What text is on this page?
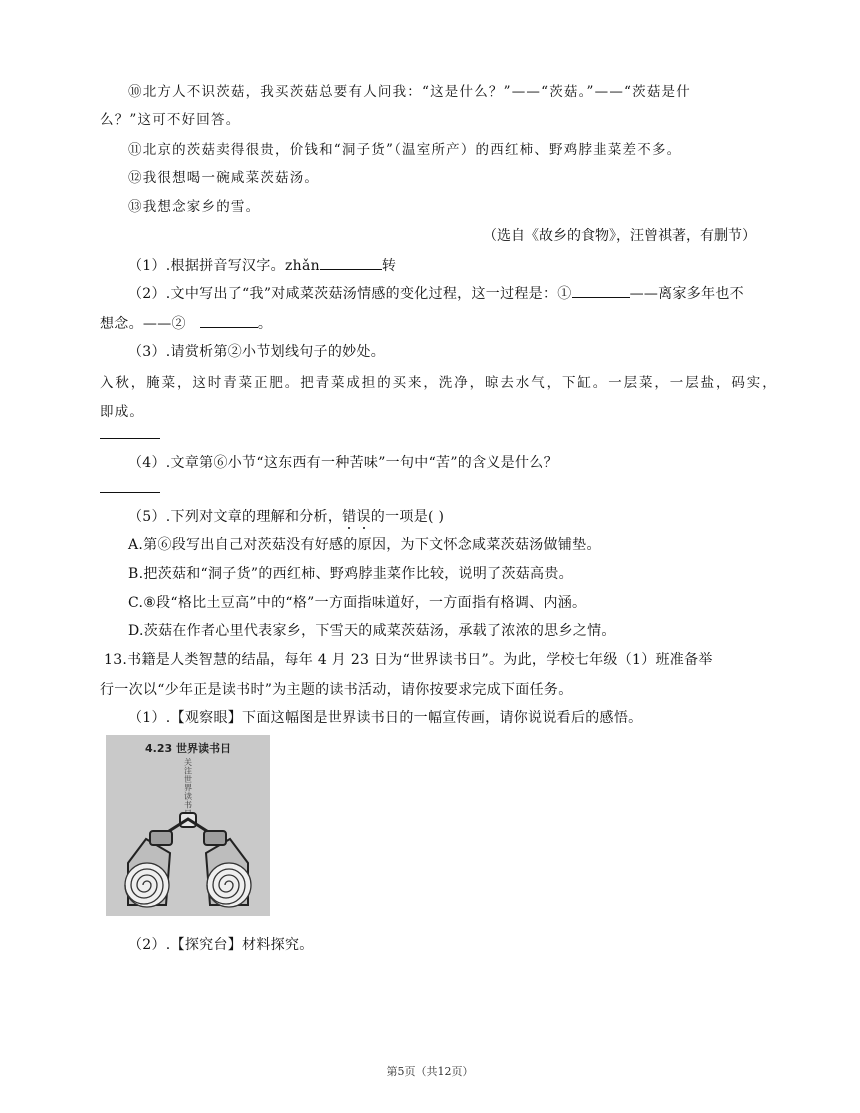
⑩北方人不识茨菇，我买茨菇总要有人问我：“这是什么？”——“茨菇。”——“茨菇是什
么？”这可不好回答。
⑪北京的茨菇卖得很贵，价钱和“洞子货”（温室所产）的西红柿、野鸡脖韭菜差不多。
⑫我很想喝一碗咸菜茨菇汤。
⑬我想念家乡的雪。
（选自《故乡的食物》，汪曾祺著，有删节）
（1）.根据拼音写汉字。zhǎn	转
（2）.文中写出了“我”对咸菜茨菇汤情感的变化过程，这一过程是：①	——离家多年也不
想念。——②	。
（3）.请赏析第②小节划线句子的妙处。
入秋，腌菜，这时青菜正肥。把青菜成担的买来，洗净，晾去水气，下缸。一层菜，一层盐，码实，
即成。
（4）.文章第⑥小节“这东西有一种苦味”一句中“苦”的含义是什么？
（5）.下列对文章的理解和分析，错误的一项是( )
A.第⑥段写出自己对茨菇没有好感的原因，为下文怀念咸菜茨菇汤做铺垫。
B.把茨菇和“洞子货”的西红柿、野鸡脖韭菜作比较，说明了茨菇高贵。
C.⑧段“格比土豆高”中的“格”一方面指味道好，一方面指有格调、内涵。
D.茨菇在作者心里代表家乡，下雪天的咸菜茨菇汤，承载了浓浓的思乡之情。
13.书籍是人类智慧的结晶，每年 4 月 23 日为“世界读书日”。为此，学校七年级（1）班准备举
行一次以“少年正是读书时”为主题的读书活动，请你按要求完成下面任务。
（1）.【观察眼】下面这幅图是世界读书日的一幅宣传画，请你说说看后的感悟。
4.23 世界读书日
关
注
世
界
读
书
（2）.【探究台】材料探究。
第5页（共12页）
